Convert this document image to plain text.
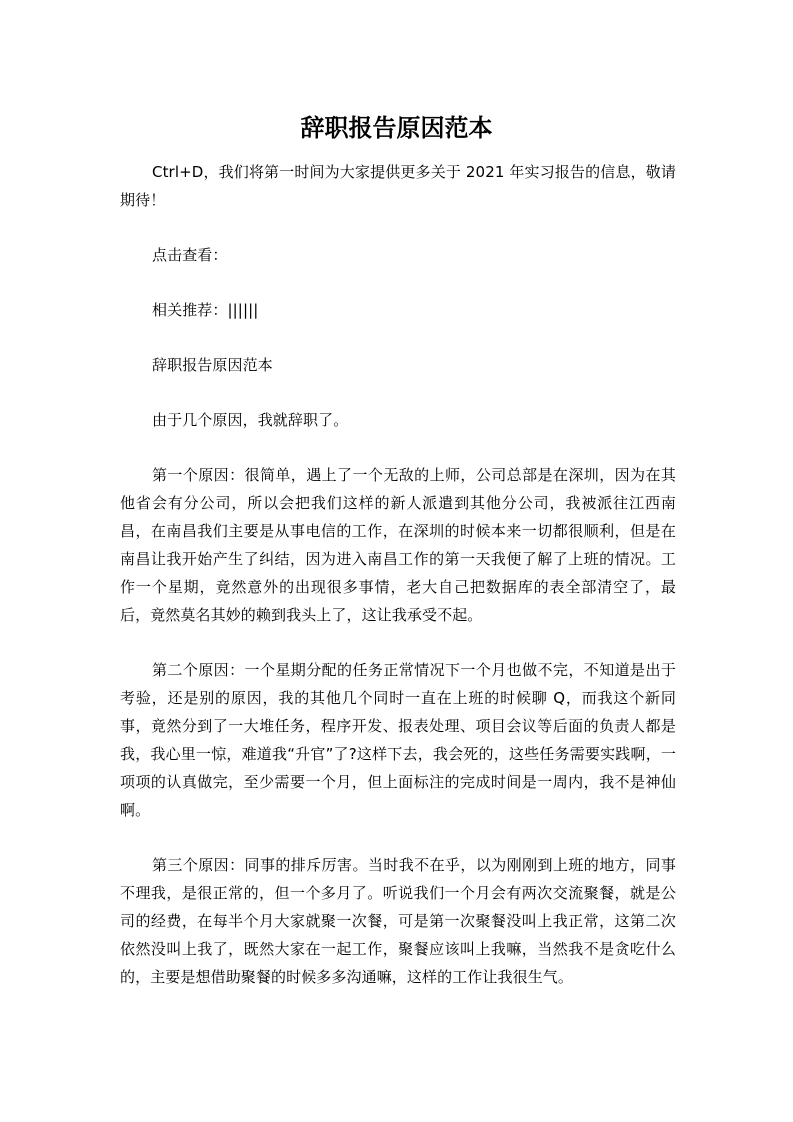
辞职报告原因范本

Ctrl+D，我们将第一时间为大家提供更多关于 2021 年实习报告的信息，敬请期待！

点击查看：

相关推荐：||||||

辞职报告原因范本

由于几个原因，我就辞职了。

第一个原因：很简单，遇上了一个无敌的上师，公司总部是在深圳，因为在其他省会有分公司，所以会把我们这样的新人派遣到其他分公司，我被派往江西南昌，在南昌我们主要是从事电信的工作，在深圳的时候本来一切都很顺利，但是在南昌让我开始产生了纠结，因为进入南昌工作的第一天我便了解了上班的情况。工作一个星期，竟然意外的出现很多事情，老大自己把数据库的表全部清空了，最后，竟然莫名其妙的赖到我头上了，这让我承受不起。

第二个原因：一个星期分配的任务正常情况下一个月也做不完，不知道是出于考验，还是别的原因，我的其他几个同时一直在上班的时候聊 Q，而我这个新同事，竟然分到了一大堆任务，程序开发、报表处理、项目会议等后面的负责人都是我，我心里一惊，难道我“升官”了?这样下去，我会死的，这些任务需要实践啊，一项项的认真做完，至少需要一个月，但上面标注的完成时间是一周内，我不是神仙啊。

第三个原因：同事的排斥厉害。当时我不在乎，以为刚刚到上班的地方，同事不理我，是很正常的，但一个多月了。听说我们一个月会有两次交流聚餐，就是公司的经费，在每半个月大家就聚一次餐，可是第一次聚餐没叫上我正常，这第二次依然没叫上我了，既然大家在一起工作，聚餐应该叫上我嘛，当然我不是贪吃什么的，主要是想借助聚餐的时候多多沟通嘛，这样的工作让我很生气。
